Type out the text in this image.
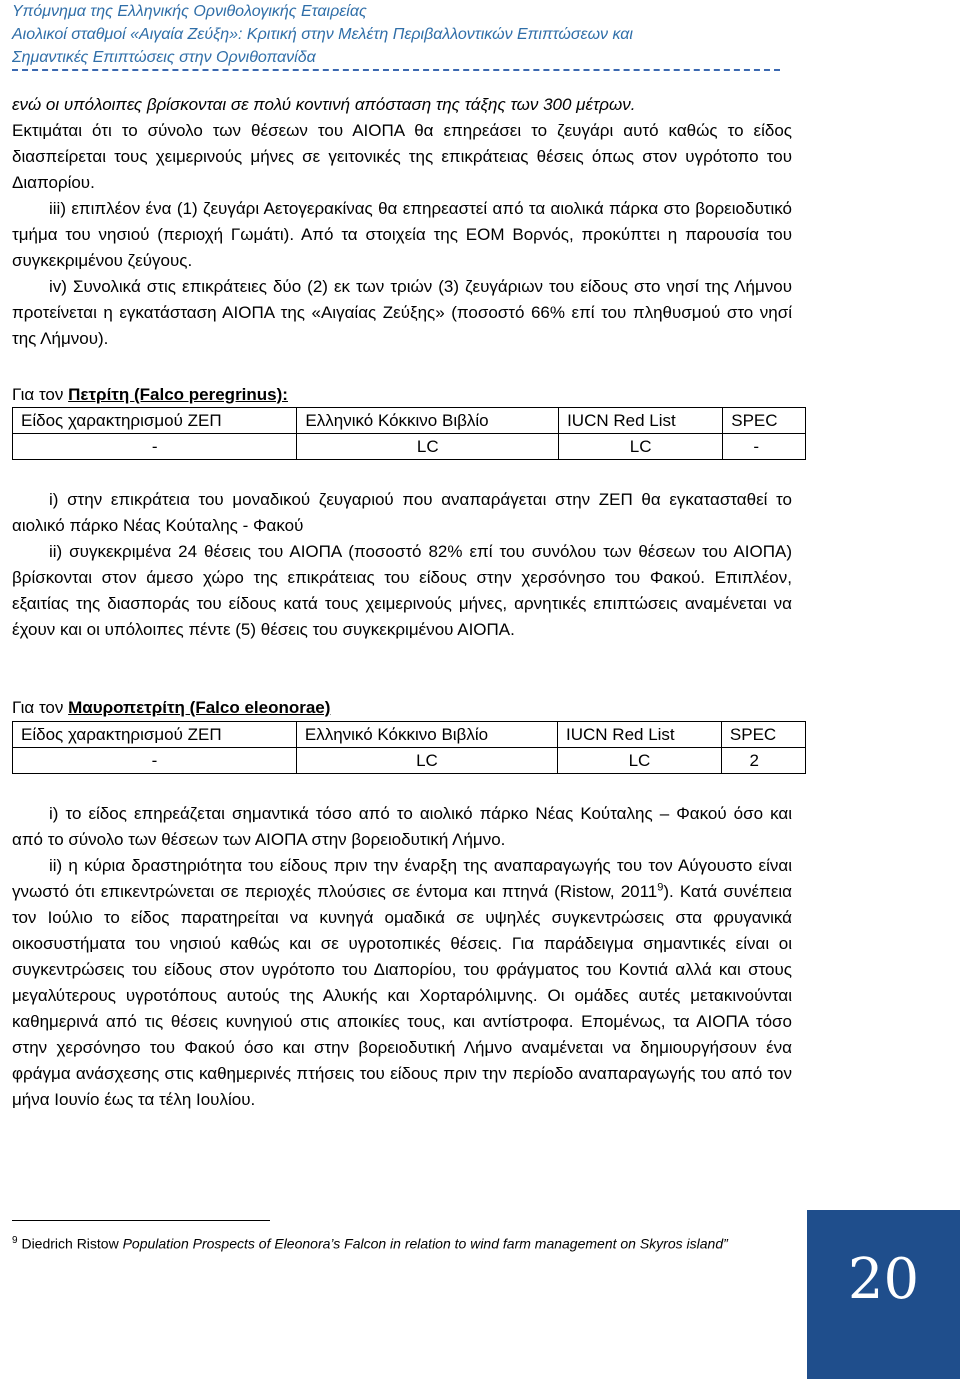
Υπόμνημα της Ελληνικής Ορνιθολογικής Εταιρείας
Αιολικοί σταθμοί «Αιγαία Ζεύξη»: Κριτική στην Μελέτη Περιβαλλοντικών Επιπτώσεων και
Σημαντικές Επιπτώσεις στην Ορνιθοπανίδα

ενώ οι υπόλοιπες βρίσκονται σε πολύ κοντινή απόσταση της τάξης των 300 μέτρων.

Εκτιμάται ότι το σύνολο των θέσεων του ΑΙΟΠΑ θα επηρεάσει το ζευγάρι αυτό καθώς το είδος διασπείρεται τους χειμερινούς μήνες σε γειτονικές της επικράτειας θέσεις όπως στον υγρότοπο του Διαπορίου.

iii) επιπλέον ένα (1) ζευγάρι Αετογερακίνας θα επηρεαστεί από τα αιολικά πάρκα στο βορειοδυτικό τμήμα του νησιού (περιοχή Γωμάτι). Από τα στοιχεία της ΕΟΜ Βορνός, προκύπτει η παρουσία του συγκεκριμένου ζεύγους.

iv) Συνολικά στις επικράτειες δύο (2) εκ των τριών (3) ζευγάριων του είδους στο νησί της Λήμνου προτείνεται η εγκατάσταση ΑΙΟΠΑ της «Αιγαίας Ζεύξης» (ποσοστό 66% επί του πληθυσμού στο νησί της Λήμνου).

Για τον Πετρίτη (Falco peregrinus):
Είδος χαρακτηρισμού ΖΕΠ	Ελληνικό Κόκκινο Βιβλίο	IUCN Red List	SPEC
-	LC	LC	-

i) στην επικράτεια του μοναδικού ζευγαριού που αναπαράγεται στην ΖΕΠ θα εγκατασταθεί το αιολικό πάρκο Νέας Κούταλης - Φακού

ii) συγκεκριμένα 24 θέσεις του ΑΙΟΠΑ (ποσοστό 82% επί του συνόλου των θέσεων του ΑΙΟΠΑ) βρίσκονται στον άμεσο χώρο της επικράτειας του είδους στην χερσόνησο του Φακού. Επιπλέον, εξαιτίας της διασποράς του είδους κατά τους χειμερινούς μήνες, αρνητικές επιπτώσεις αναμένεται να έχουν και οι υπόλοιπες πέντε (5) θέσεις του συγκεκριμένου ΑΙΟΠΑ.

Για τον Μαυροπετρίτη (Falco eleonorae)
Είδος χαρακτηρισμού ΖΕΠ	Ελληνικό Κόκκινο Βιβλίο	IUCN Red List	SPEC
-	LC	LC	2

i) το είδος επηρεάζεται σημαντικά τόσο από το αιολικό πάρκο Νέας Κούταλης – Φακού όσο και από το σύνολο των θέσεων των ΑΙΟΠΑ στην βορειοδυτική Λήμνο.

ii) η κύρια δραστηριότητα του είδους πριν την έναρξη της αναπαραγωγής του τον Αύγουστο είναι γνωστό ότι επικεντρώνεται σε περιοχές πλούσιες σε έντομα και πτηνά (Ristow, 2011$^9$). Κατά συνέπεια τον Ιούλιο το είδος παρατηρείται να κυνηγά ομαδικά σε υψηλές συγκεντρώσεις στα φρυγανικά οικοσυστήματα του νησιού καθώς και σε υγροτοπικές θέσεις. Για παράδειγμα σημαντικές είναι οι συγκεντρώσεις του είδους στον υγρότοπο του Διαπορίου, του φράγματος του Κοντιά αλλά και στους μεγαλύτερους υγροτόπους αυτούς της Αλυκής και Χορταρόλιμνης. Οι ομάδες αυτές μετακινούνται καθημερινά από τις θέσεις κυνηγιού στις αποικίες τους, και αντίστροφα. Επομένως, τα ΑΙΟΠΑ τόσο στην χερσόνησο του Φακού όσο και στην βορειοδυτική Λήμνο αναμένεται να δημιουργήσουν ένα φράγμα ανάσχεσης στις καθημερινές πτήσεις του είδους πριν την περίοδο αναπαραγωγής του από τον μήνα Ιουνίο έως τα τέλη Ιουλίου.

$^9$ Diedrich Ristow Population Prospects of Eleonora’s Falcon in relation to wind farm management on Skyros island”
20
